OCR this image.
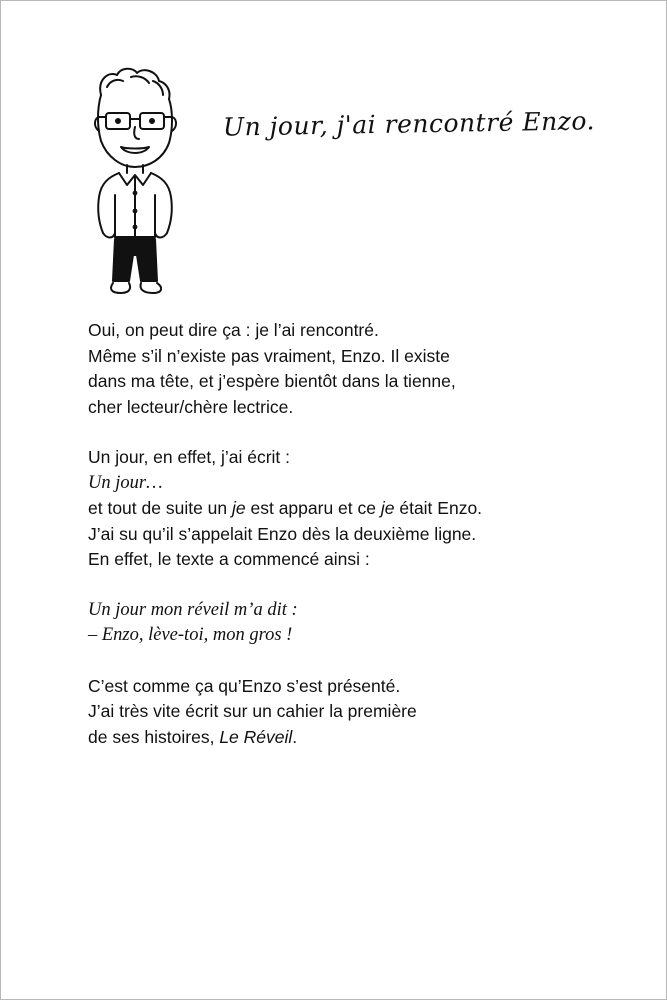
Un jour, j'ai rencontré Enzo.
Oui, on peut dire ça : je l’ai rencontré.
Même s’il n’existe pas vraiment, Enzo. Il existe
dans ma tête, et j’espère bientôt dans la tienne,
cher lecteur/chère lectrice.
Un jour, en effet, j’ai écrit :
Un jour…
et tout de suite un je est apparu et ce je était Enzo.
J’ai su qu’il s’appelait Enzo dès la deuxième ligne.
En effet, le texte a commencé ainsi :
Un jour mon réveil m’a dit :
– Enzo, lève-toi, mon gros !
C’est comme ça qu’Enzo s’est présenté.
J’ai très vite écrit sur un cahier la première
de ses histoires, Le Réveil.
